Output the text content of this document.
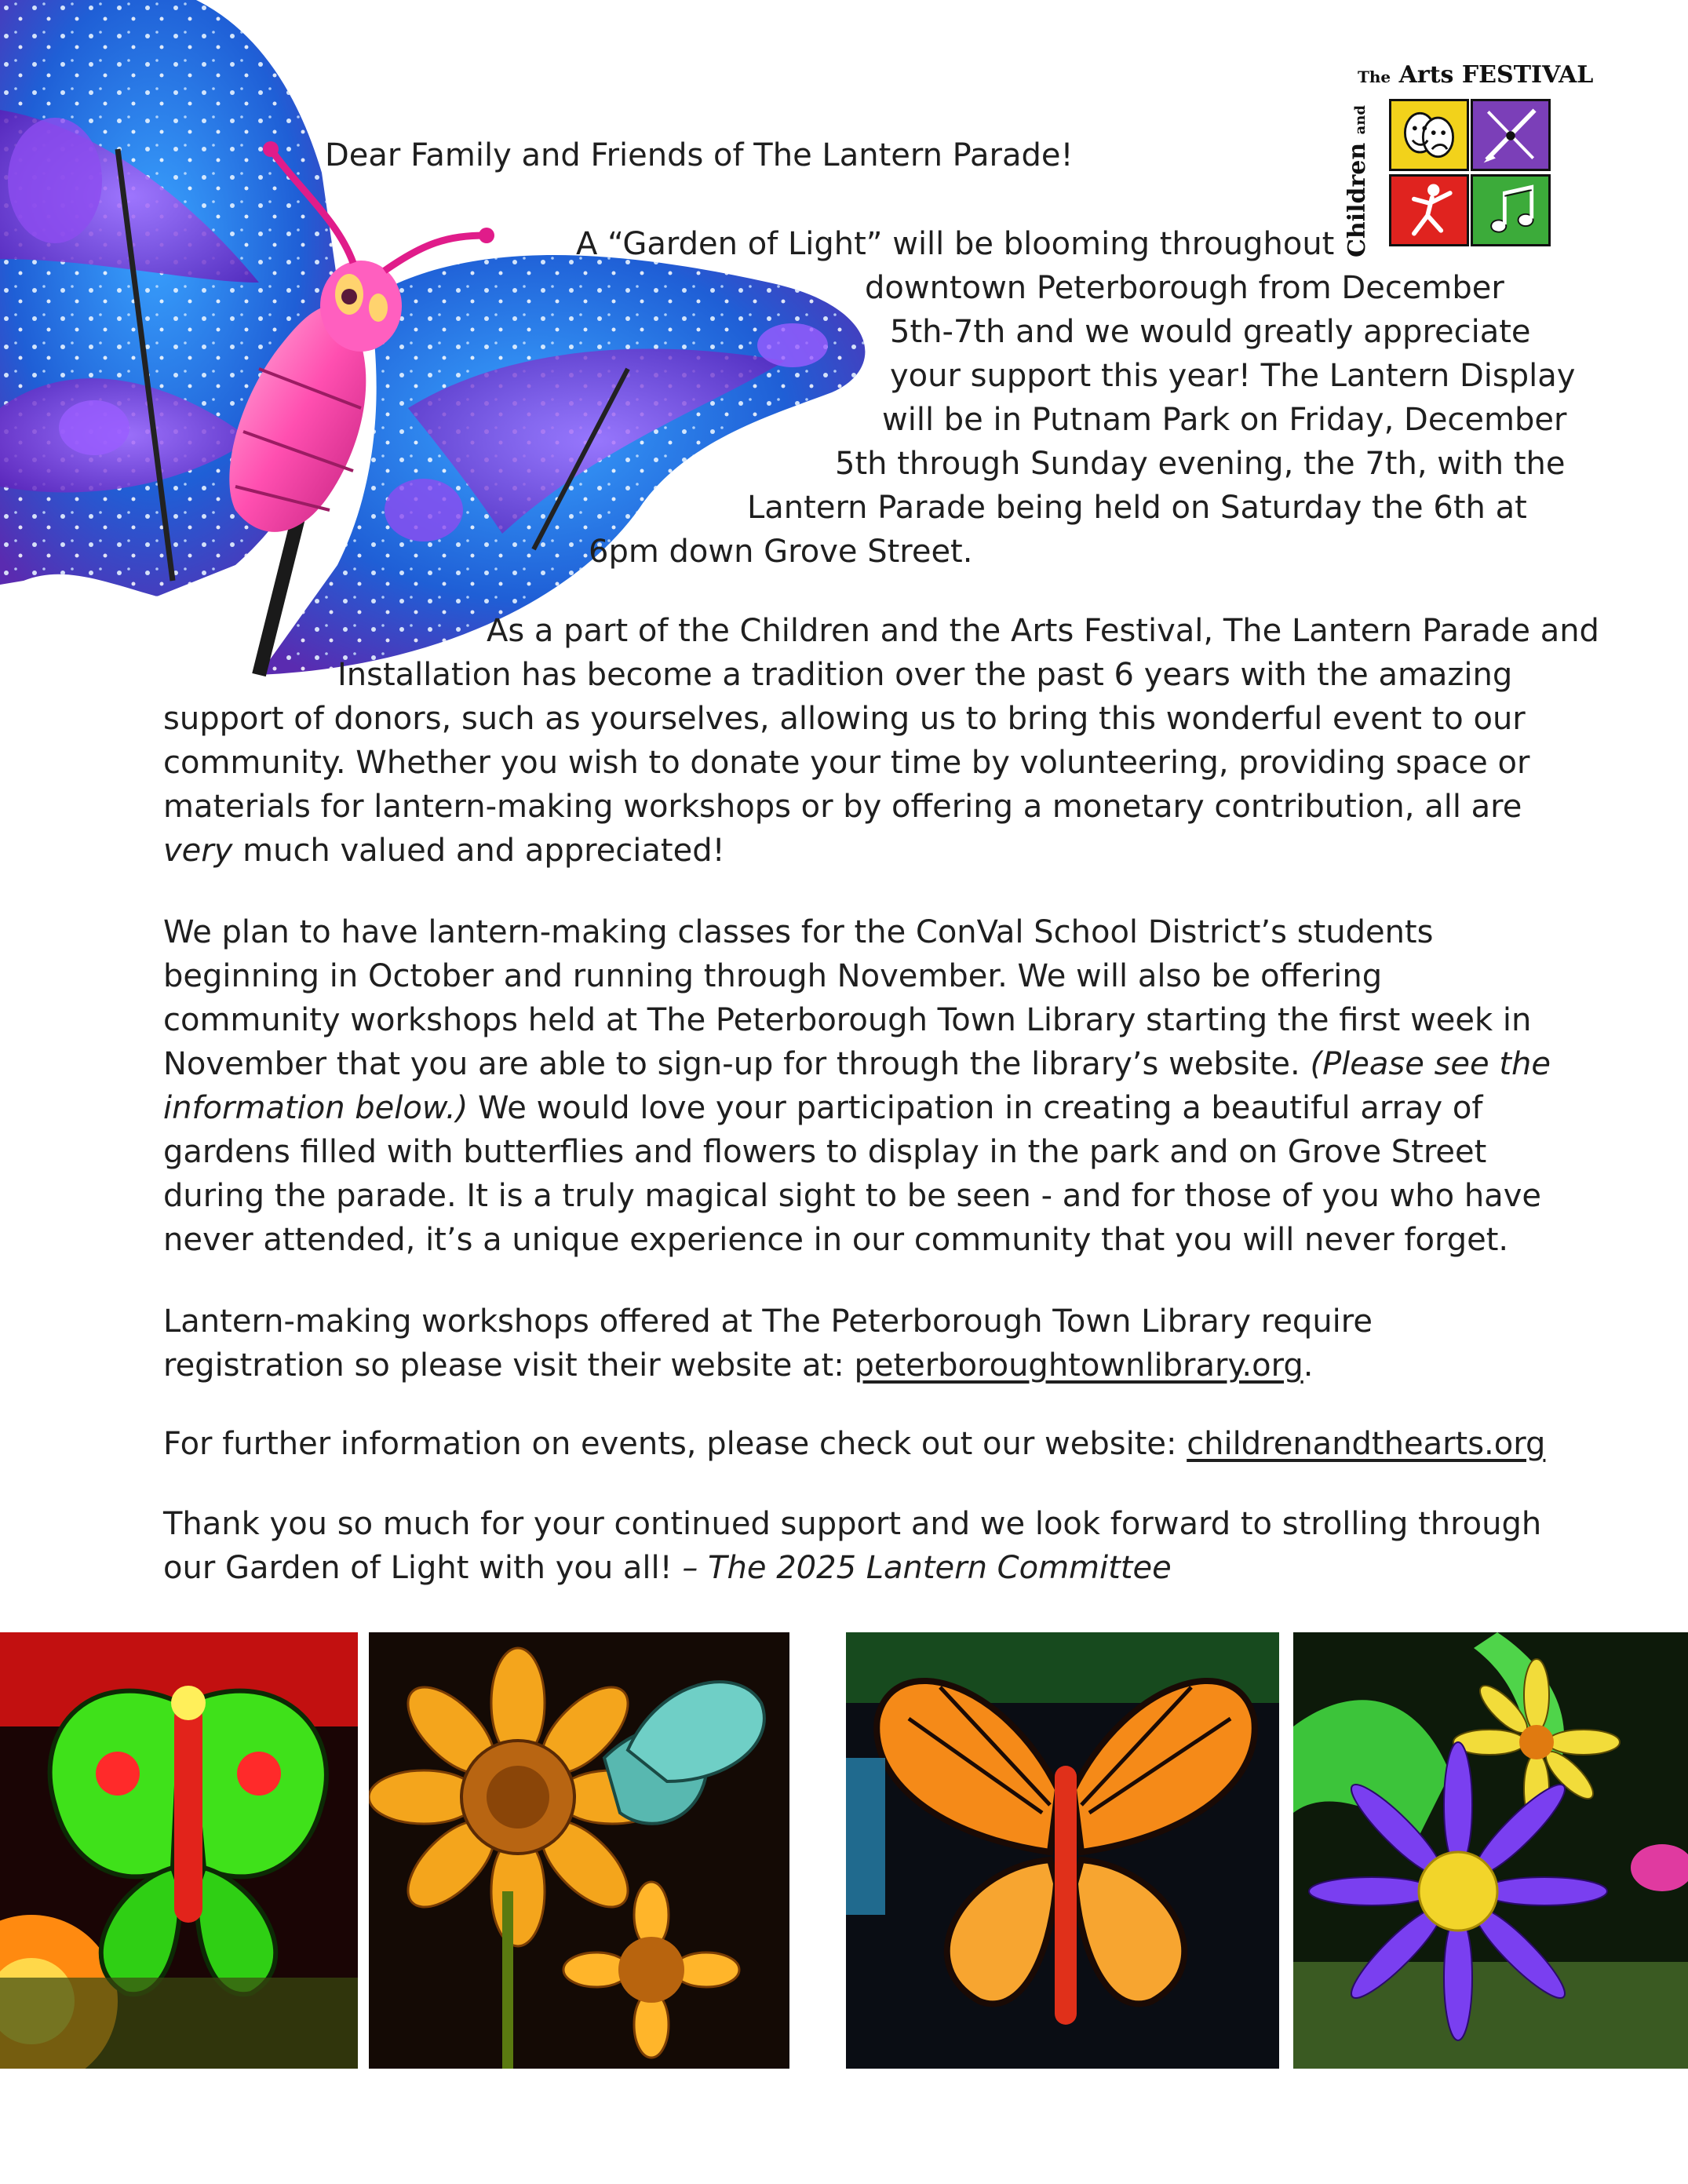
The Arts FESTIVAL
Children and
Dear Family and Friends of The Lantern Parade!
A “Garden of Light” will be blooming throughout
downtown Peterborough from December
5th-7th and we would greatly appreciate
your support this year! The Lantern Display
will be in Putnam Park on Friday, December
5th through Sunday evening, the 7th, with the
Lantern Parade being held on Saturday the 6th at
6pm down Grove Street.
As a part of the Children and the Arts Festival, The Lantern Parade and
Installation has become a tradition over the past 6 years with the amazing
support of donors, such as yourselves, allowing us to bring this wonderful event to our community. Whether you wish to donate your time by volunteering, providing space or materials for lantern-making workshops or by offering a monetary contribution, all are very much valued and appreciated!
We plan to have lantern-making classes for the ConVal School District’s students beginning in October and running through November. We will also be offering community workshops held at The Peterborough Town Library starting the first week in November that you are able to sign-up for through the library’s website. (Please see the information below.) We would love your participation in creating a beautiful array of gardens filled with butterflies and flowers to display in the park and on Grove Street during the parade. It is a truly magical sight to be seen - and for those of you who have never attended, it’s a unique experience in our community that you will never forget.
Lantern-making workshops offered at The Peterborough Town Library require registration so please visit their website at: peterboroughtownlibrary.org.
For further information on events, please check out our website: childrenandthearts.org
Thank you so much for your continued support and we look forward to strolling through our Garden of Light with you all! – The 2025 Lantern Committee
